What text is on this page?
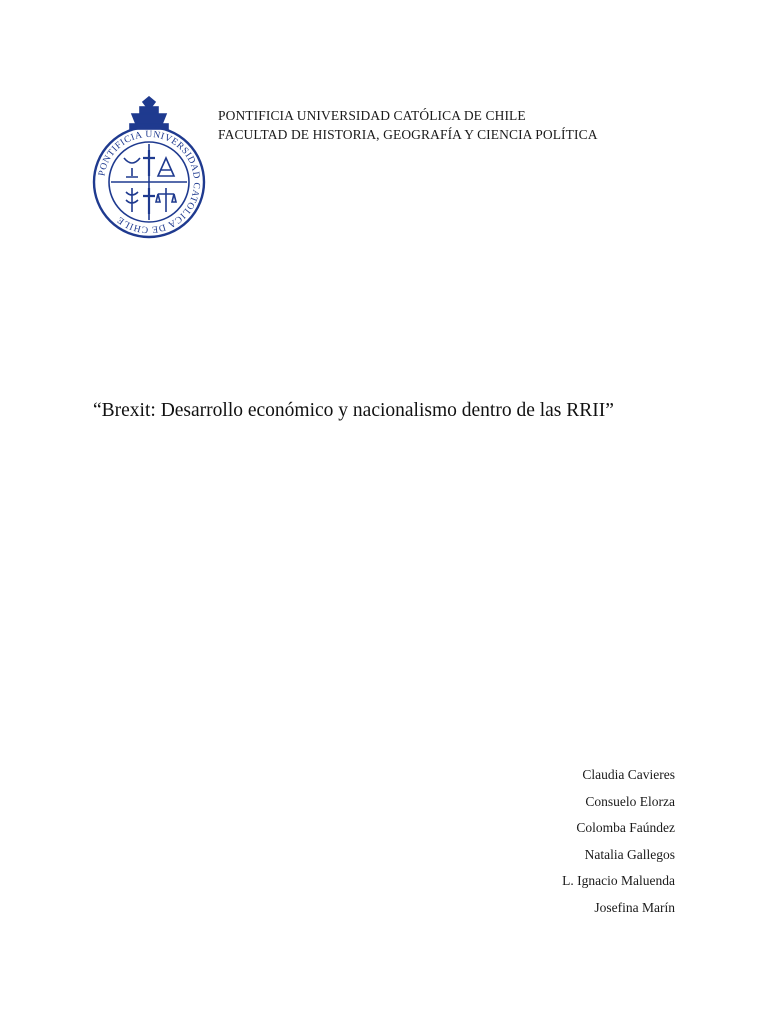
PONTIFICIA UNIVERSIDAD CATOLICA DE CHILE
PONTIFICIA UNIVERSIDAD CATÓLICA DE CHILE
FACULTAD DE HISTORIA, GEOGRAFÍA Y CIENCIA POLÍTICA
“Brexit: Desarrollo económico y nacionalismo dentro de las RRII”
Claudia Cavieres
Consuelo Elorza
Colomba Faúndez
Natalia Gallegos
L. Ignacio Maluenda
Josefina Marín
